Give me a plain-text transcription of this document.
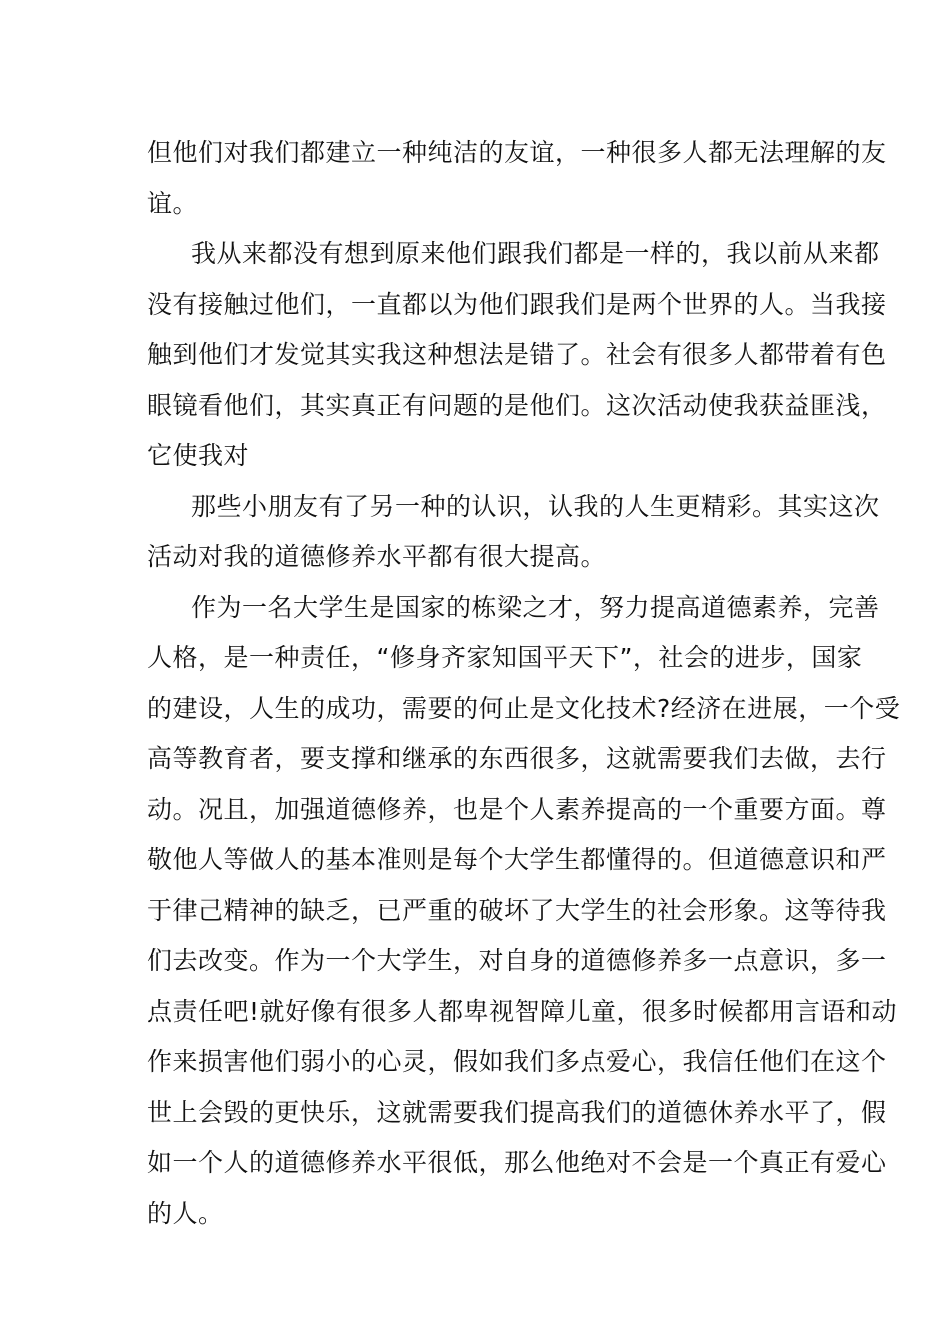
但他们对我们都建立一种纯洁的友谊，一种很多人都无法理解的友
谊。
我从来都没有想到原来他们跟我们都是一样的，我以前从来都
没有接触过他们，一直都以为他们跟我们是两个世界的人。当我接
触到他们才发觉其实我这种想法是错了。社会有很多人都带着有色
眼镜看他们，其实真正有问题的是他们。这次活动使我获益匪浅，
它使我对
那些小朋友有了另一种的认识，认我的人生更精彩。其实这次
活动对我的道德修养水平都有很大提高。
作为一名大学生是国家的栋梁之才，努力提高道德素养，完善
人格，是一种责任，“修身齐家知国平天下”，社会的进步，国家
的建设，人生的成功，需要的何止是文化技术?经济在进展，一个受
高等教育者，要支撑和继承的东西很多，这就需要我们去做，去行
动。况且，加强道德修养，也是个人素养提高的一个重要方面。尊
敬他人等做人的基本准则是每个大学生都懂得的。但道德意识和严
于律己精神的缺乏，已严重的破坏了大学生的社会形象。这等待我
们去改变。作为一个大学生，对自身的道德修养多一点意识，多一
点责任吧!就好像有很多人都卑视智障儿童，很多时候都用言语和动
作来损害他们弱小的心灵，假如我们多点爱心，我信任他们在这个
世上会毁的更快乐，这就需要我们提高我们的道德休养水平了，假
如一个人的道德修养水平很低，那么他绝对不会是一个真正有爱心
的人。
